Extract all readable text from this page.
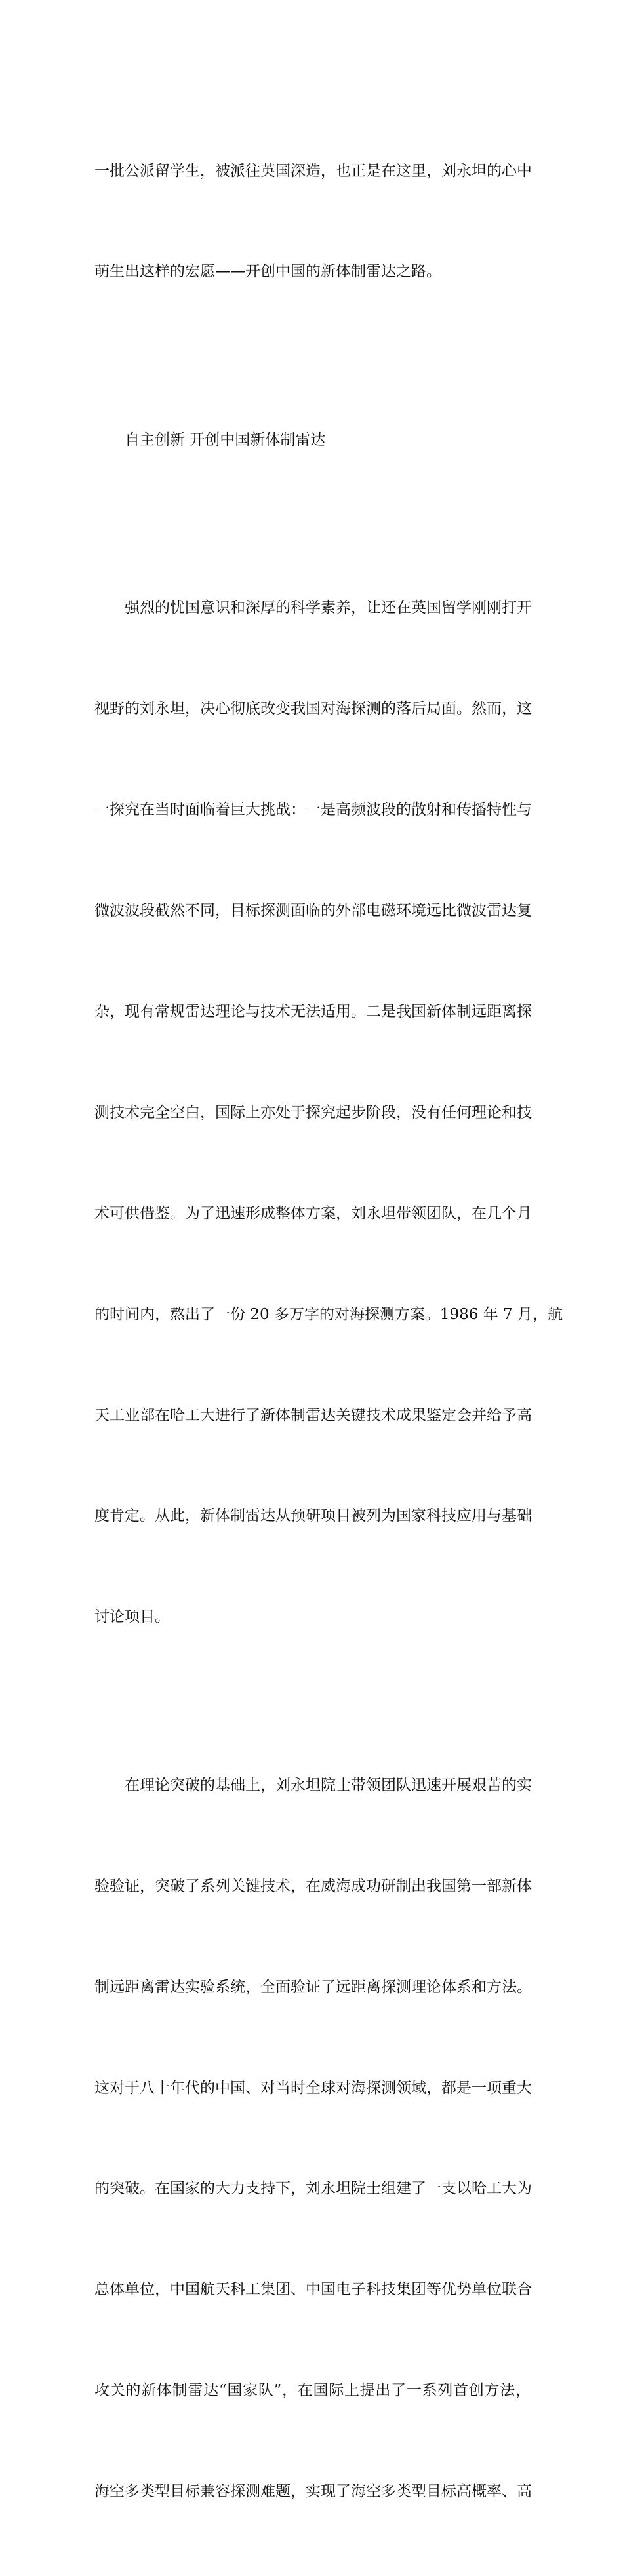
一批公派留学生，被派往英国深造，也正是在这里，刘永坦的心中

萌生出这样的宏愿——开创中国的新体制雷达之路。

自主创新 开创中国新体制雷达

强烈的忧国意识和深厚的科学素养，让还在英国留学刚刚打开

视野的刘永坦，决心彻底改变我国对海探测的落后局面。然而，这

一探究在当时面临着巨大挑战：一是高频波段的散射和传播特性与

微波波段截然不同，目标探测面临的外部电磁环境远比微波雷达复

杂，现有常规雷达理论与技术无法适用。二是我国新体制远距离探

测技术完全空白，国际上亦处于探究起步阶段，没有任何理论和技

术可供借鉴。为了迅速形成整体方案，刘永坦带领团队，在几个月

的时间内，熬出了一份 20 多万字的对海探测方案。1986 年 7 月，航

天工业部在哈工大进行了新体制雷达关键技术成果鉴定会并给予高

度肯定。从此，新体制雷达从预研项目被列为国家科技应用与基础

讨论项目。

在理论突破的基础上，刘永坦院士带领团队迅速开展艰苦的实

验验证，突破了系列关键技术，在威海成功研制出我国第一部新体

制远距离雷达实验系统，全面验证了远距离探测理论体系和方法。

这对于八十年代的中国、对当时全球对海探测领域，都是一项重大

的突破。在国家的大力支持下，刘永坦院士组建了一支以哈工大为

总体单位，中国航天科工集团、中国电子科技集团等优势单位联合

攻关的新体制雷达“国家队”，在国际上提出了一系列首创方法，

海空多类型目标兼容探测难题，实现了海空多类型目标高概率、高
